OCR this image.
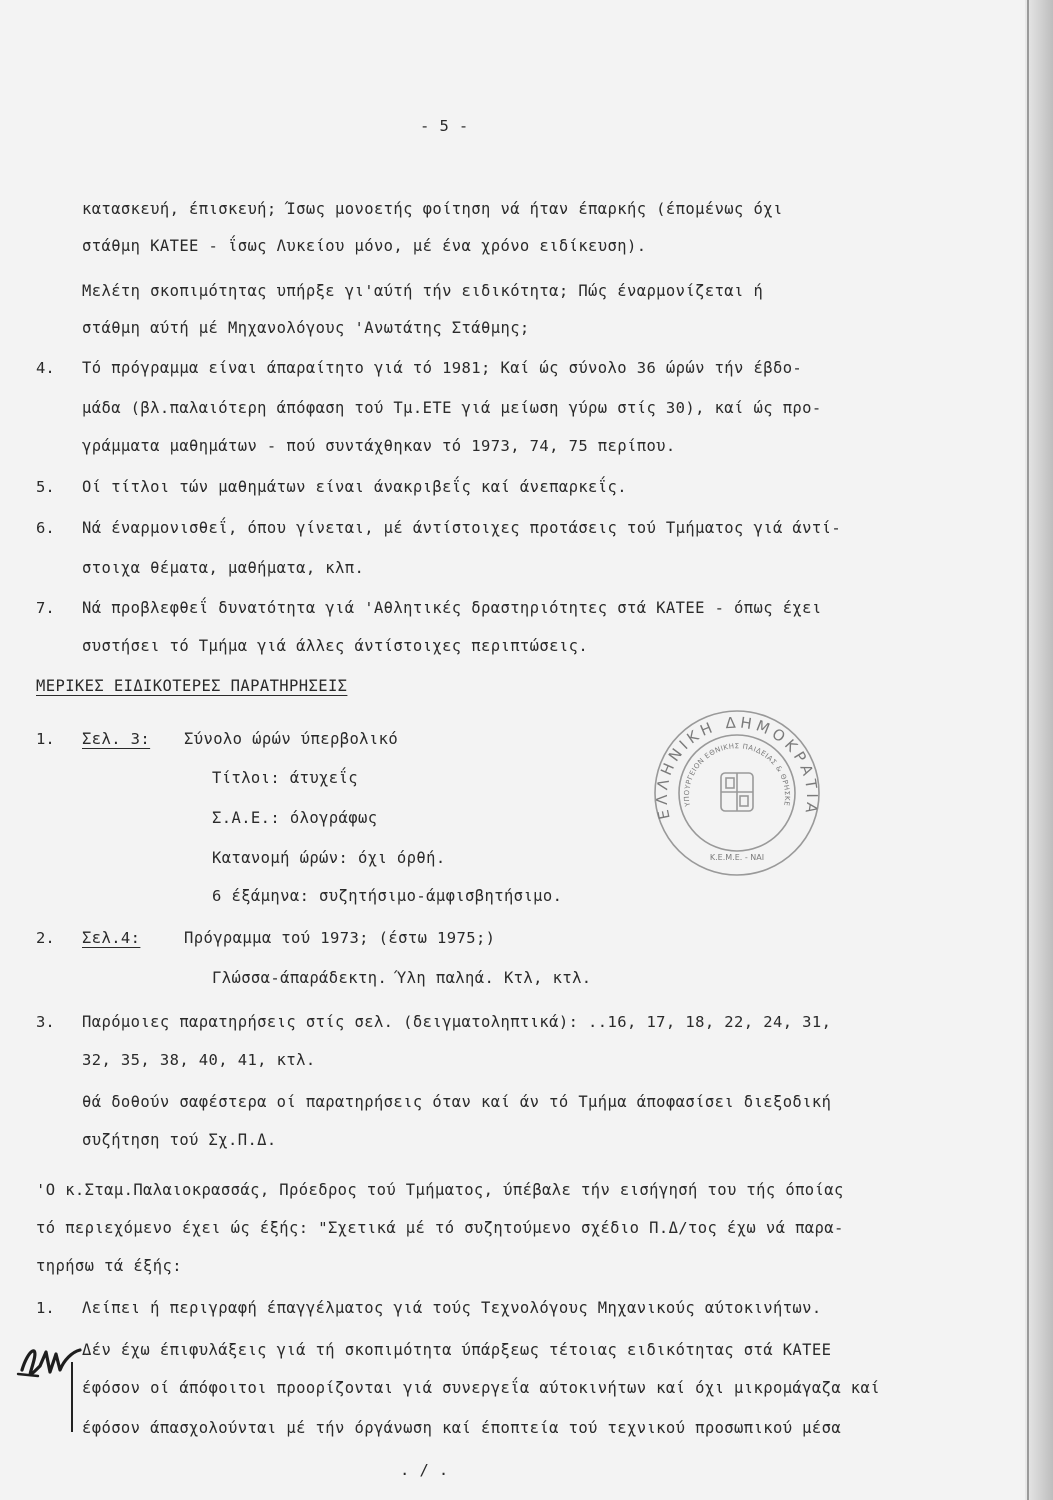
- 5 -
κατασκευή, έπισκευή; Ίσως μονοετής φοίτηση νά ήταν έπαρκής (έπομένως όχι
στάθμη ΚΑΤΕΕ - ΐσως Λυκείου μόνο, μέ ένα χρόνο ειδίκευση).
Μελέτη σκοπιμότητας υπήρξε γι'αύτή τήν ειδικότητα; Πώς έναρμονίζεται ή
στάθμη αύτή μέ Μηχανολόγους 'Ανωτάτης Στάθμης;
4. Τό πρόγραμμα είναι άπαραίτητο γιά τό 1981; Καί ώς σύνολο 36 ώρών τήν έβδο-
μάδα (βλ.παλαιότερη άπόφαση τού Τμ.ΕΤΕ γιά μείωση γύρω στίς 30), καί ώς προ-
γράμματα μαθημάτων - πού συντάχθηκαν τό 1973, 74, 75 περίπου.
5. Οί τίτλοι τών μαθημάτων είναι άνακριβεΐς καί άνεπαρκεΐς.
6. Νά έναρμονισθεΐ, όπου γίνεται, μέ άντίστοιχες προτάσεις τού Τμήματος γιά άντί-
στοιχα θέματα, μαθήματα, κλπ.
7. Νά προβλεφθεΐ δυνατότητα γιά 'Αθλητικές δραστηριότητες στά ΚΑΤΕΕ - όπως έχει
συστήσει τό Τμήμα γιά άλλες άντίστοιχες περιπτώσεις.
ΜΕΡΙΚΕΣ ΕΙΔΙΚΟΤΕΡΕΣ ΠΑΡΑΤΗΡΗΣΕΙΣ
1. Σελ. 3: Σύνολο ώρών ύπερβολικό
Τίτλοι: άτυχεΐς
Σ.Α.Ε.: όλογράφως
Κατανομή ώρών: όχι όρθή.
6 έξάμηνα: συζητήσιμο-άμφισβητήσιμο.
2. Σελ.4:	Πρόγραμμα τού 1973; (έστω 1975;)
Γλώσσα-άπαράδεκτη. Ύλη παληά. Κτλ, κτλ.
3. Παρόμοιες παρατηρήσεις στίς σελ. (δειγματοληπτικά): ..16, 17, 18, 22, 24, 31,
32, 35, 38, 40, 41, κτλ.
θά δοθούν σαφέστερα οί παρατηρήσεις όταν καί άν τό Τμήμα άποφασίσει διεξοδική
συζήτηση τού Σχ.Π.Δ.
'Ο κ.Σταμ.Παλαιοκρασσάς, Πρόεδρος τού Τμήματος, ύπέβαλε τήν εισήγησή του τής όποίας
τό περιεχόμενο έχει ώς έξής: "Σχετικά μέ τό συζητούμενο σχέδιο Π.Δ/τος έχω νά παρα-
τηρήσω τά έξής:
1. Λείπει ή περιγραφή έπαγγέλματος γιά τούς Τεχνολόγους Μηχανικούς αύτοκινήτων.
Δέν έχω έπιφυλάξεις γιά τή σκοπιμότητα ύπάρξεως τέτοιας ειδικότητας στά ΚΑΤΕΕ
έφόσον οί άπόφοιτοι προορίζονται γιά συνεργεΐα αύτοκινήτων καί όχι μικρομάγαζα καί
έφόσον άπασχολούνται μέ τήν όργάνωση καί έποπτεία τού τεχνικού προσωπικού μέσα
. / .
ΕΛΛΗΝΙΚΗ ΔΗΜΟΚΡΑΤΙΑ
ΥΠΟΥΡΓΕΙΟΝ ΕΘΝΙΚΗΣ ΠΑΙΔΕΙΑΣ & ΘΡΗΣΚΕ
Κ.Ε.Μ.Ε. - ΝΑΙ
